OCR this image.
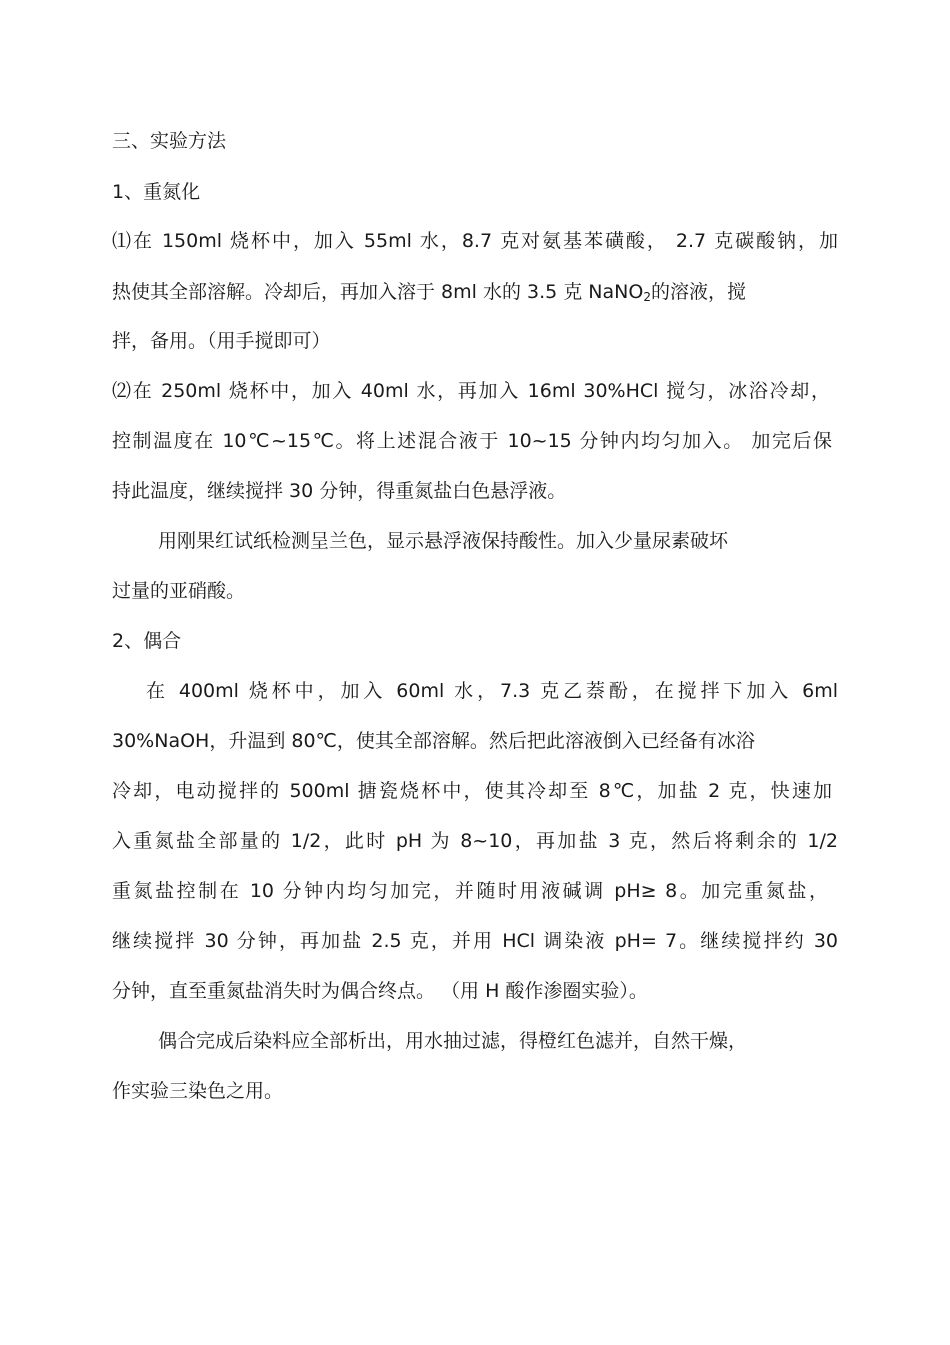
三、实验方法
1、重氮化
⑴在 150ml 烧杯中，加入 55ml 水，8.7 克对氨基苯磺酸， 2.7 克碳酸钠，加
热使其全部溶解。冷却后，再加入溶于 8ml 水的 3.5 克 NaNO$_2$的溶液，搅
拌，备用。（用手搅即可）
⑵在 250ml 烧杯中，加入 40ml 水，再加入 16ml 30%HCl 搅匀，冰浴冷却，
控制温度在 10℃~15℃。将上述混合液于 10~15 分钟内均匀加入。 加完后保
持此温度，继续搅拌 30 分钟，得重氮盐白色悬浮液。
用刚果红试纸检测呈兰色，显示悬浮液保持酸性。加入少量尿素破坏
过量的亚硝酸。
2、偶合
在 400ml 烧杯中，加入 60ml 水，7.3 克乙萘酚，在搅拌下加入 6ml
30%NaOH，升温到 80℃，使其全部溶解。然后把此溶液倒入已经备有冰浴
冷却，电动搅拌的 500ml 搪瓷烧杯中，使其冷却至 8℃，加盐 2 克，快速加
入重氮盐全部量的 1/2，此时 pH 为 8~10，再加盐 3 克，然后将剩余的 1/2
重氮盐控制在 10 分钟内均匀加完，并随时用液碱调 pH≥ 8。加完重氮盐，
继续搅拌 30 分钟，再加盐 2.5 克，并用 HCl 调染液 pH= 7。继续搅拌约 30
分钟，直至重氮盐消失时为偶合终点。 （用 H 酸作渗圈实验）。
偶合完成后染料应全部析出，用水抽过滤，得橙红色滤并，自然干燥，
作实验三染色之用。
